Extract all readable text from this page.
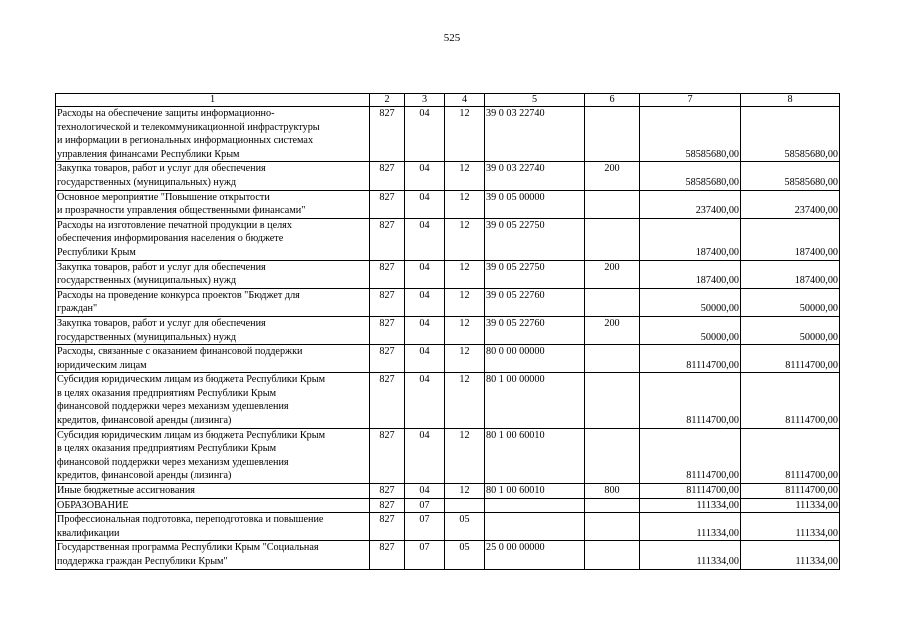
525
1	2	3	4	5	6	7	8

Расходы на обеспечение защиты информационно-
технологической и телекоммуникационной инфраструктуры
и информации в региональных информационных системах
управления финансами Республики Крым	827	04	12	39 0 03 22740		58585680,00	58585680,00

Закупка товаров, работ и услуг для обеспечения
государственных (муниципальных) нужд	827	04	12	39 0 03 22740	200	58585680,00	58585680,00

Основное мероприятие "Повышение открытости
и прозрачности управления общественными финансами"	827	04	12	39 0 05 00000		237400,00	237400,00

Расходы на изготовление печатной продукции в целях
обеспечения информирования населения о бюджете
Республики Крым	827	04	12	39 0 05 22750		187400,00	187400,00

Закупка товаров, работ и услуг для обеспечения
государственных (муниципальных) нужд	827	04	12	39 0 05 22750	200	187400,00	187400,00

Расходы на проведение конкурса проектов "Бюджет для
граждан"	827	04	12	39 0 05 22760		50000,00	50000,00

Закупка товаров, работ и услуг для обеспечения
государственных (муниципальных) нужд	827	04	12	39 0 05 22760	200	50000,00	50000,00

Расходы, связанные с оказанием финансовой поддержки
юридическим лицам	827	04	12	80 0 00 00000		81114700,00	81114700,00

Субсидия юридическим лицам из бюджета Республики Крым
в целях оказания предприятиям Республики Крым
финансовой поддержки через механизм удешевления
кредитов, финансовой аренды (лизинга)	827	04	12	80 1 00 00000		81114700,00	81114700,00

Субсидия юридическим лицам из бюджета Республики Крым
в целях оказания предприятиям Республики Крым
финансовой поддержки через механизм удешевления
кредитов, финансовой аренды (лизинга)	827	04	12	80 1 00 60010		81114700,00	81114700,00

Иные бюджетные ассигнования	827	04	12	80 1 00 60010	800	81114700,00	81114700,00

ОБРАЗОВАНИЕ	827	07				111334,00	111334,00

Профессиональная подготовка, переподготовка и повышение
квалификации	827	07	05			111334,00	111334,00

Государственная программа Республики Крым "Социальная
поддержка граждан Республики Крым"	827	07	05	25 0 00 00000		111334,00	111334,00
